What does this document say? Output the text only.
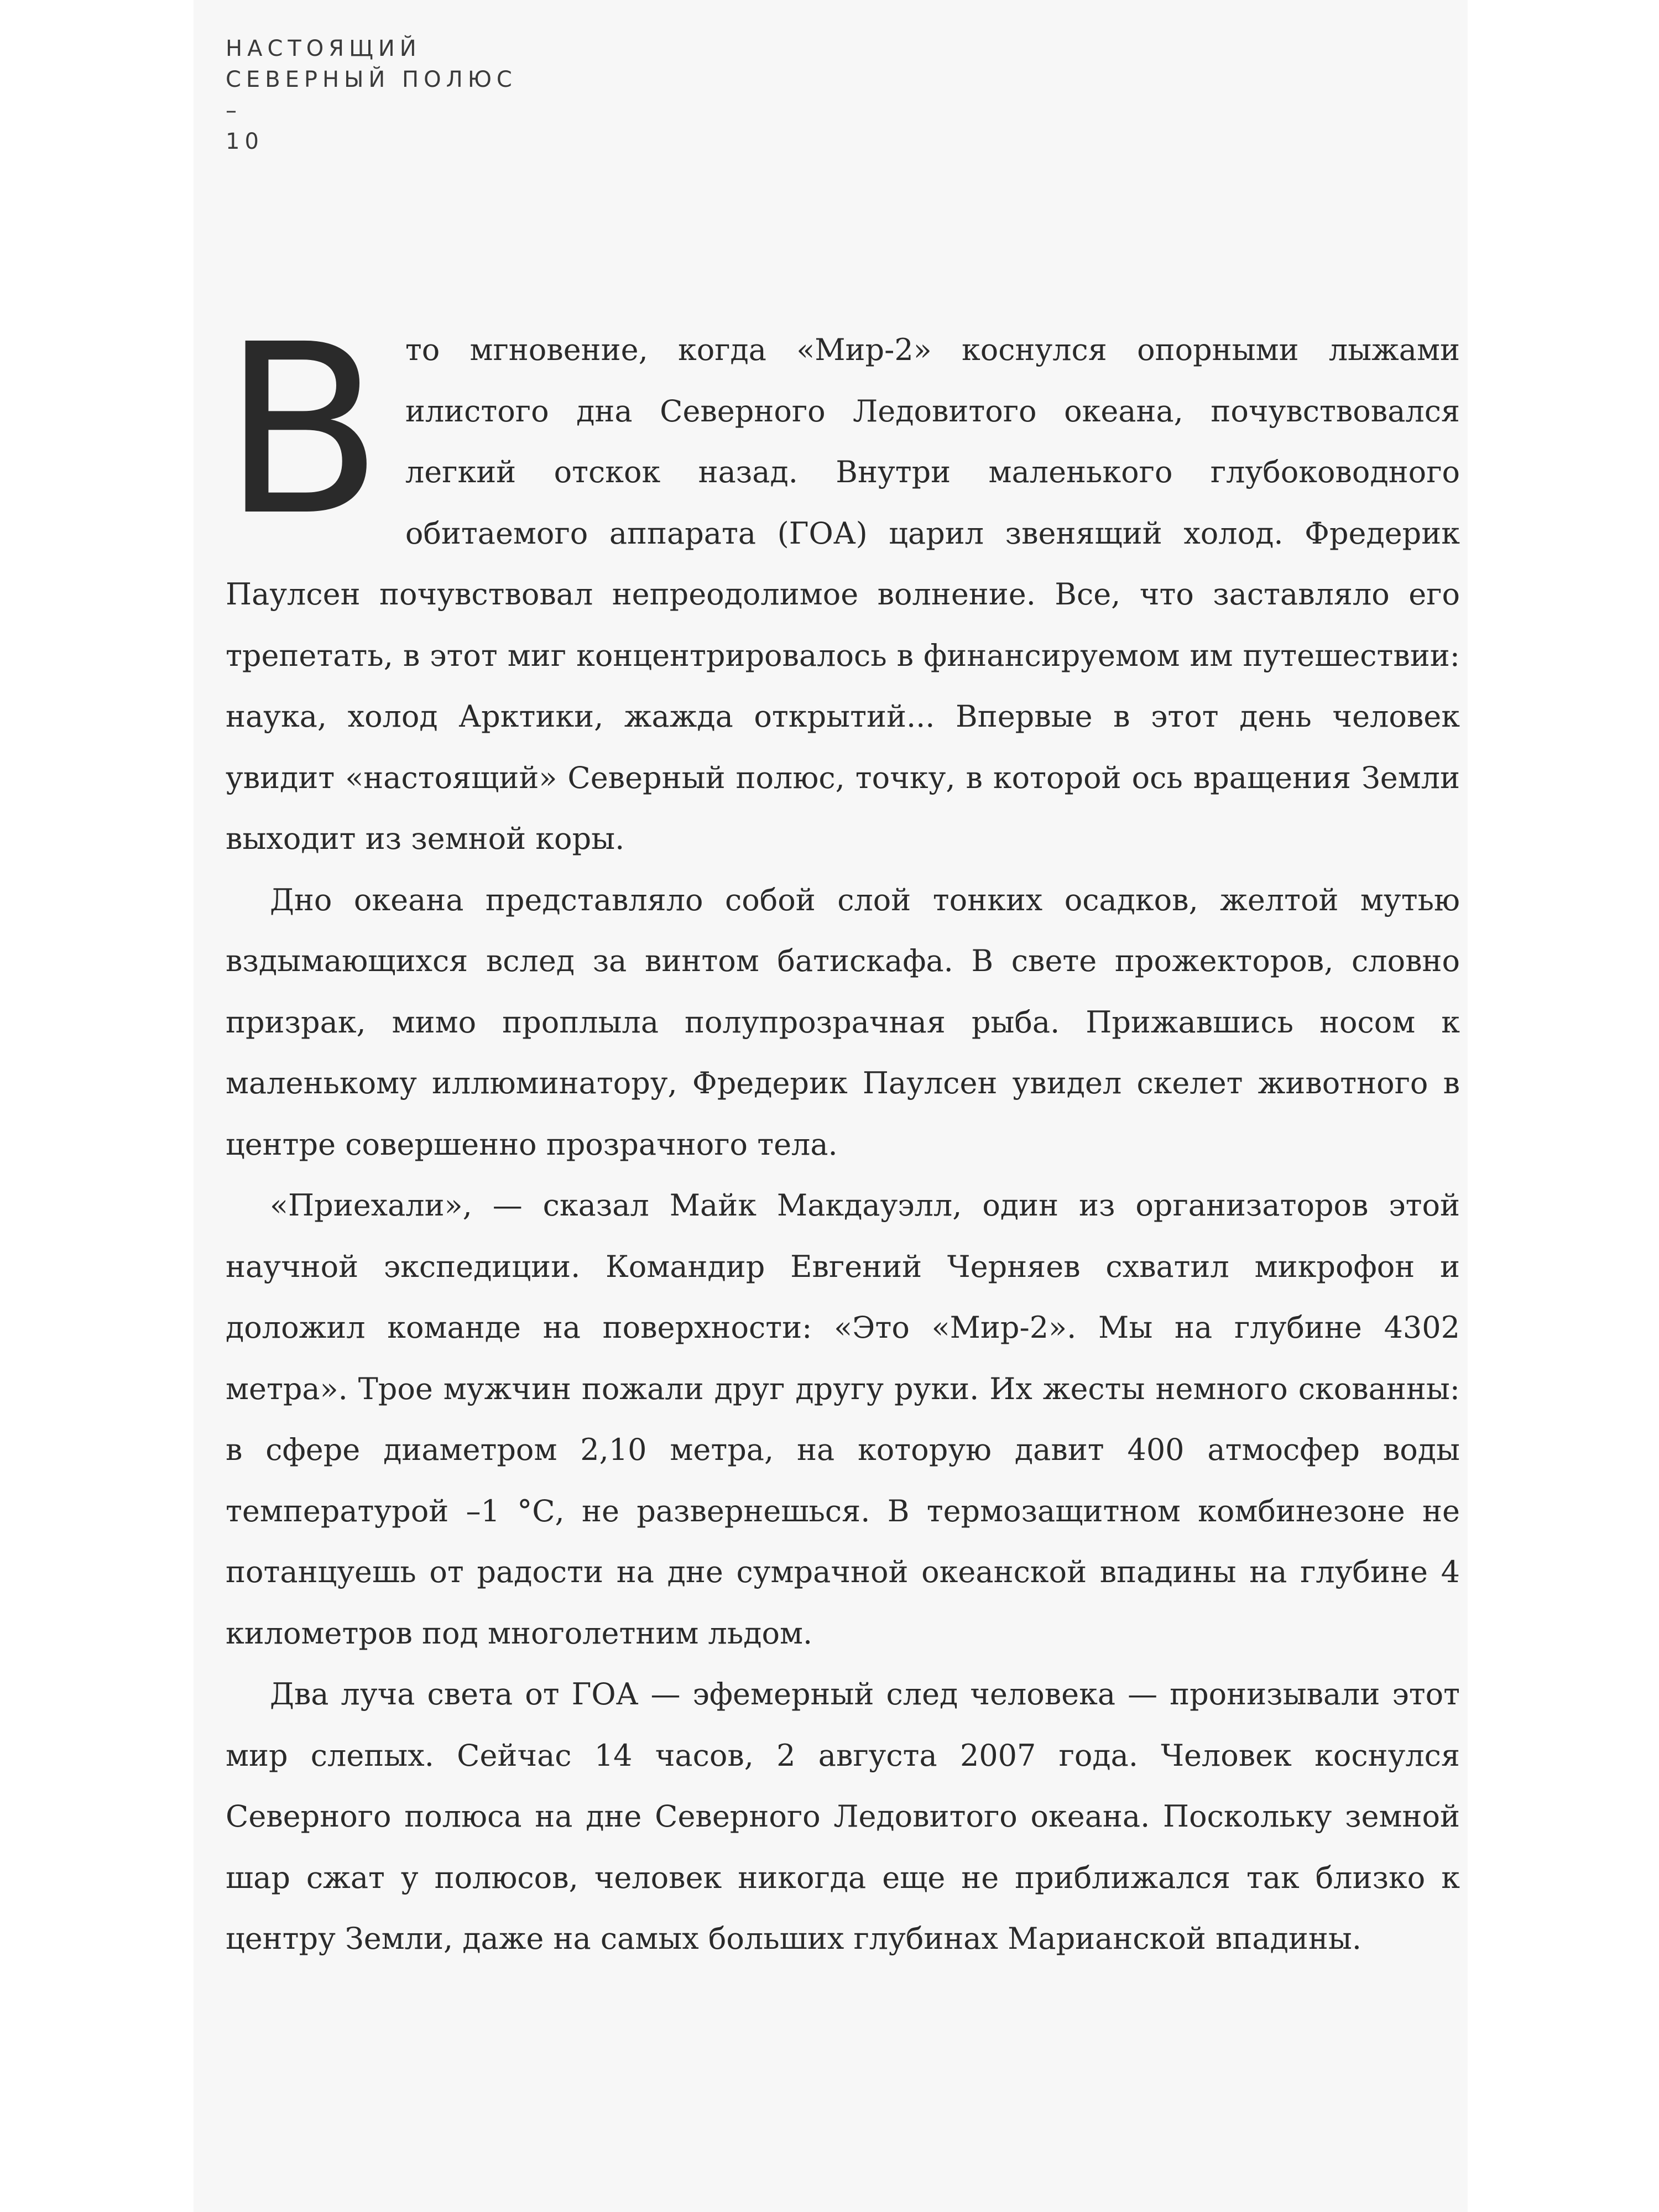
НАСТОЯЩИЙ
СЕВЕРНЫЙ ПОЛЮС
–
10

В то мгновение, когда «Мир-2» коснулся опорными лыжами илистого дна Северного Ледовитого океана, почувствовался легкий отскок назад. Внутри маленького глубоководного обитаемого аппарата (ГОА) царил звенящий холод. Фредерик Паулсен почувствовал непреодолимое волнение. Все, что заставляло его трепетать, в этот миг концентрировалось в финансируемом им путешествии: наука, холод Арктики, жажда открытий... Впервые в этот день человек увидит «настоящий» Северный полюс, точку, в которой ось вращения Земли выходит из земной коры.

Дно океана представляло собой слой тонких осадков, желтой мутью вздымающихся вслед за винтом батискафа. В свете прожекторов, словно призрак, мимо проплыла полупрозрачная рыба. Прижавшись носом к маленькому иллюминатору, Фредерик Паулсен увидел скелет животного в центре совершенно прозрачного тела.

«Приехали», — сказал Майк Макдауэлл, один из организаторов этой научной экспедиции. Командир Евгений Черняев схватил микрофон и доложил команде на поверхности: «Это «Мир-2». Мы на глубине 4302 метра». Трое мужчин пожали друг другу руки. Их жесты немного скованны: в сфере диаметром 2,10 метра, на которую давит 400 атмосфер воды температурой –1 °С, не развернешься. В термозащитном комбинезоне не потанцуешь от радости на дне сумрачной океанской впадины на глубине 4 километров под многолетним льдом.

Два луча света от ГОА — эфемерный след человека — пронизывали этот мир слепых. Сейчас 14 часов, 2 августа 2007 года. Человек коснулся Северного полюса на дне Северного Ледовитого океана. Поскольку земной шар сжат у полюсов, человек никогда еще не приближался так близко к центру Земли, даже на самых больших глубинах Марианской впадины.
